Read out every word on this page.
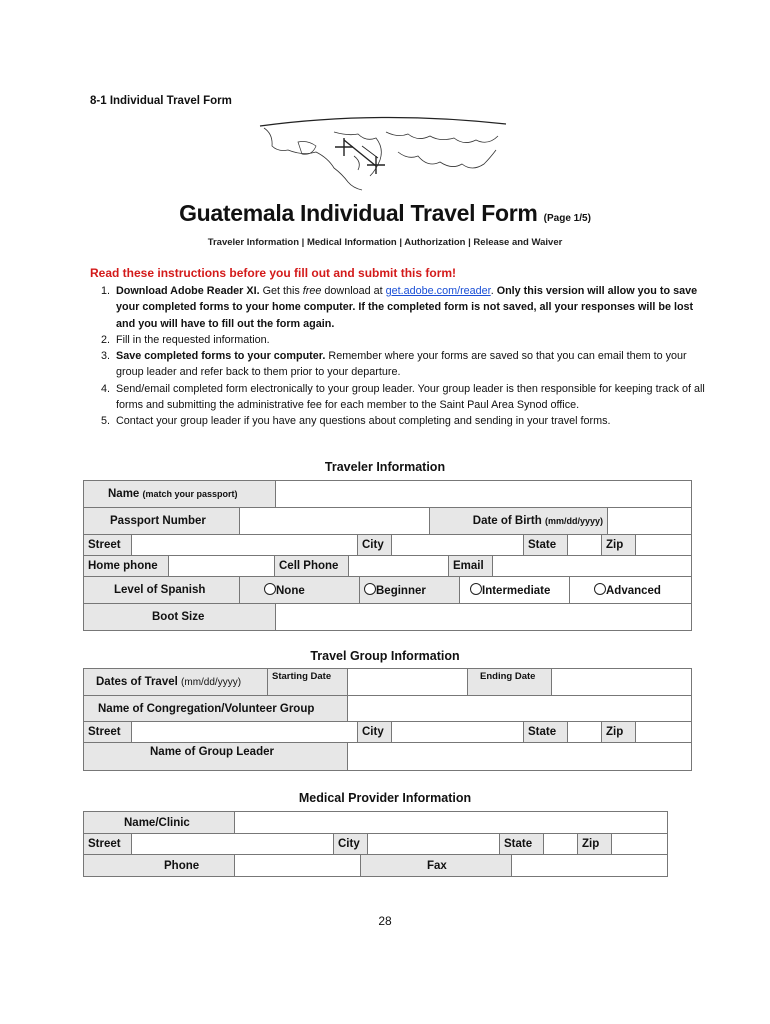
8-1 Individual Travel Form
Guatemala Individual Travel Form (Page 1/5)
Traveler Information | Medical Information | Authorization | Release and Waiver
Read these instructions before you fill out and submit this form!
1. Download Adobe Reader XI. Get this free download at get.adobe.com/reader. Only this version will allow you to save your completed forms to your home computer. If the completed form is not saved, all your responses will be lost and you will have to fill out the form again.
2. Fill in the requested information.
3. Save completed forms to your computer. Remember where your forms are saved so that you can email them to your group leader and refer back to them prior to your departure.
4. Send/email completed form electronically to your group leader. Your group leader is then responsible for keeping track of all forms and submitting the administrative fee for each member to the Saint Paul Area Synod office.
5. Contact your group leader if you have any questions about completing and sending in your travel forms.
Traveler Information
Name (match your passport)	
Passport Number		Date of Birth (mm/dd/yyyy)	
Street		City		State		Zip	
Home phone		Cell Phone		Email	
Level of Spanish	None	Beginner	Intermediate	Advanced
Boot Size	
Travel Group Information
Dates of Travel (mm/dd/yyyy)	Starting Date		Ending Date	
Name of Congregation/Volunteer Group	
Street		City		State		Zip	
Name of Group Leader	
Medical Provider Information
Name/Clinic	
Street		City		State		Zip	
Phone		Fax	
28
